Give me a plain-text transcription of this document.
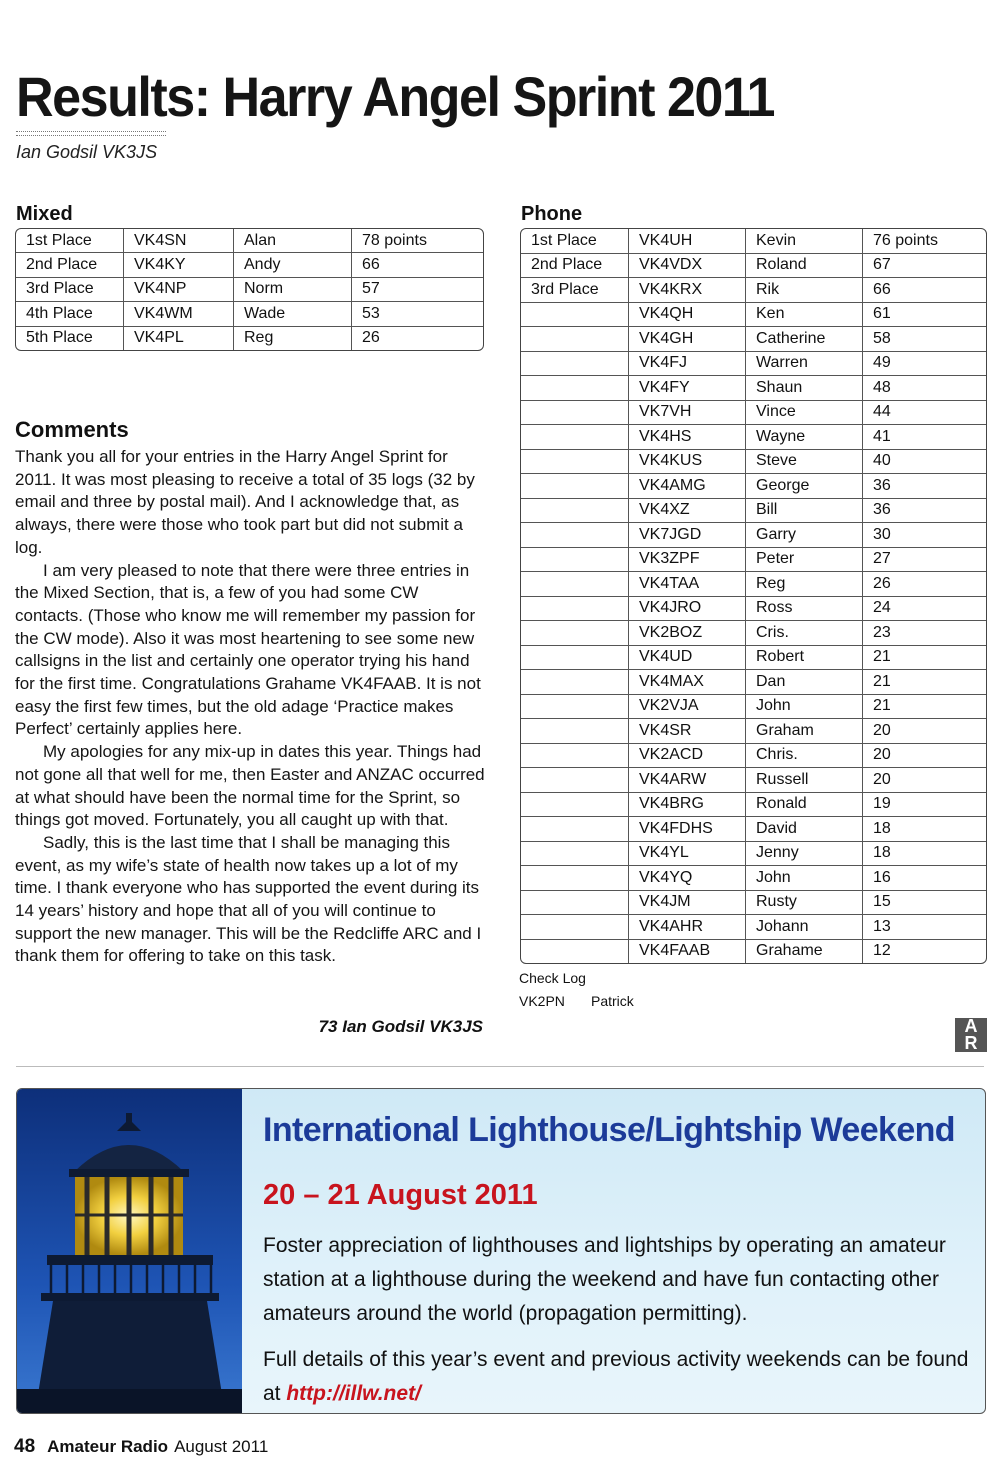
Results: Harry Angel Sprint 2011
Ian Godsil VK3JS
Mixed
1st Place	VK4SN	Alan	78 points
2nd Place	VK4KY	Andy	66
3rd Place	VK4NP	Norm	57
4th Place	VK4WM	Wade	53
5th Place	VK4PL	Reg	26
Phone
1st Place	VK4UH	Kevin	76 points
2nd Place	VK4VDX	Roland	67
3rd Place	VK4KRX	Rik	66
	VK4QH	Ken	61
	VK4GH	Catherine	58
	VK4FJ	Warren	49
	VK4FY	Shaun	48
	VK7VH	Vince	44
	VK4HS	Wayne	41
	VK4KUS	Steve	40
	VK4AMG	George	36
	VK4XZ	Bill	36
	VK7JGD	Garry	30
	VK3ZPF	Peter	27
	VK4TAA	Reg	26
	VK4JRO	Ross	24
	VK2BOZ	Cris.	23
	VK4UD	Robert	21
	VK4MAX	Dan	21
	VK2VJA	John	21
	VK4SR	Graham	20
	VK2ACD	Chris.	20
	VK4ARW	Russell	20
	VK4BRG	Ronald	19
	VK4FDHS	David	18
	VK4YL	Jenny	18
	VK4YQ	John	16
	VK4JM	Rusty	15
	VK4AHR	Johann	13
	VK4FAAB	Grahame	12
Check Log
VK2PN Patrick
Comments

Thank you all for your entries in the Harry Angel Sprint for 2011. It was most pleasing to receive a total of 35 logs (32 by email and three by postal mail). And I acknowledge that, as always, there were those who took part but did not submit a log.

I am very pleased to note that there were three entries in the Mixed Section, that is, a few of you had some CW contacts. (Those who know me will remember my passion for the CW mode). Also it was most heartening to see some new callsigns in the list and certainly one operator trying his hand for the first time. Congratulations Grahame VK4FAAB. It is not easy the first few times, but the old adage ‘Practice makes Perfect’ certainly applies here.

My apologies for any mix-up in dates this year. Things had not gone all that well for me, then Easter and ANZAC occurred at what should have been the normal time for the Sprint, so things got moved. Fortunately, you all caught up with that.

Sadly, this is the last time that I shall be managing this event, as my wife’s state of health now takes up a lot of my time. I thank everyone who has supported the event during its 14 years’ history and hope that all of you will continue to support the new manager. This will be the Redcliffe ARC and I thank them for offering to take on this task.

73 Ian Godsil VK3JS	A
R
International Lighthouse/Lightship Weekend
20 – 21 August 2011
Foster appreciation of lighthouses and lightships by operating an amateur station at a lighthouse during the weekend and have fun contacting other amateurs around the world (propagation permitting).
Full details of this year’s event and previous activity weekends can be found at http://illw.net/
48 Amateur Radio August 2011
